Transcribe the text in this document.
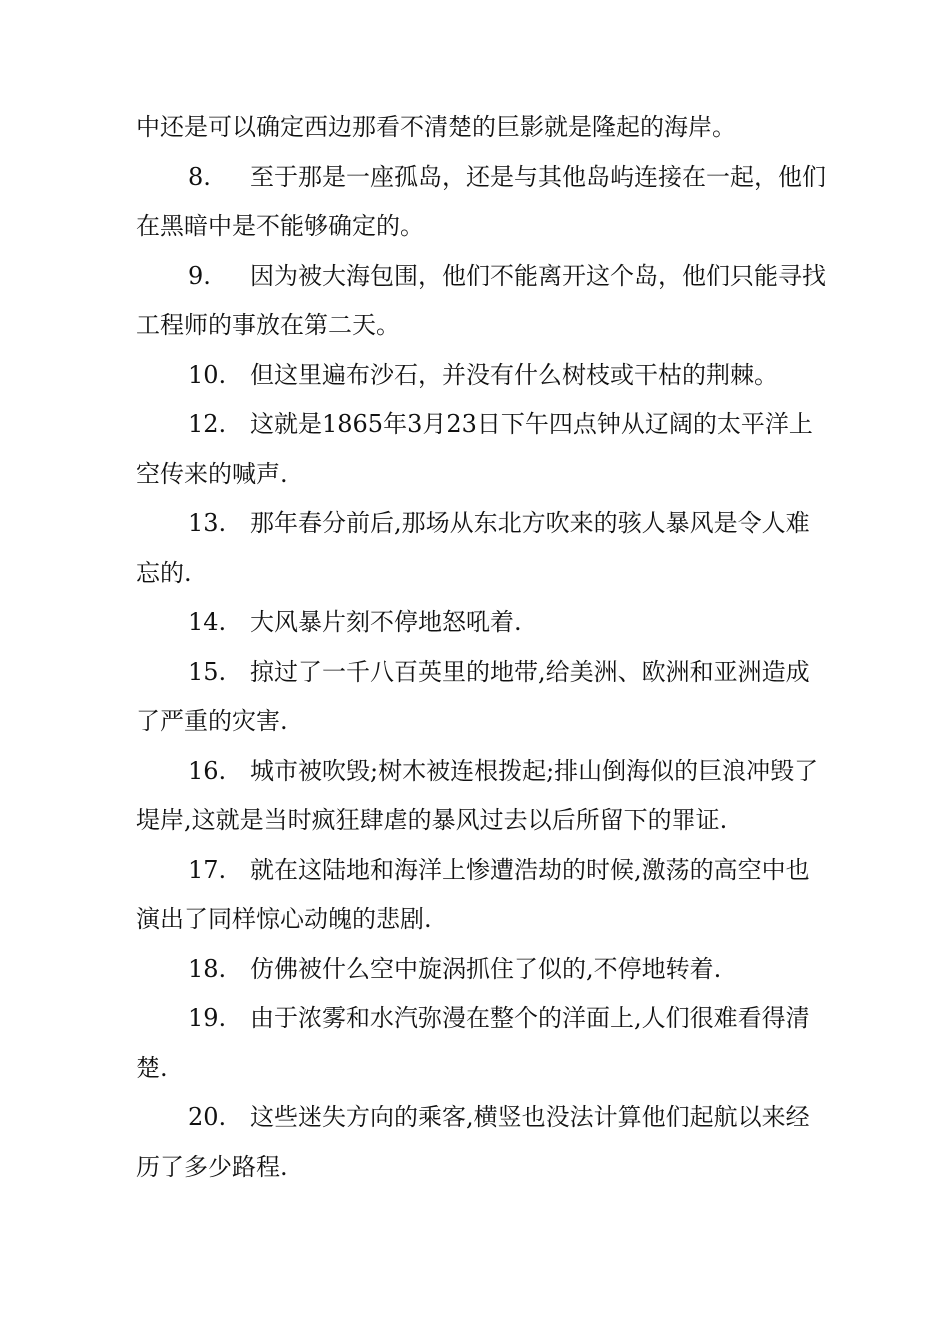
中还是可以确定西边那看不清楚的巨影就是隆起的海岸。

8. 至于那是一座孤岛，还是与其他岛屿连接在一起，他们在黑暗中是不能够确定的。

9. 因为被大海包围，他们不能离开这个岛，他们只能寻找工程师的事放在第二天。

10. 但这里遍布沙石，并没有什么树枝或干枯的荆棘。

12. 这就是1865年3月23日下午四点钟从辽阔的太平洋上空传来的喊声.

13. 那年春分前后,那场从东北方吹来的骇人暴风是令人难忘的.

14. 大风暴片刻不停地怒吼着.

15. 掠过了一千八百英里的地带,给美洲、欧洲和亚洲造成了严重的灾害.

16. 城市被吹毁;树木被连根拨起;排山倒海似的巨浪冲毁了堤岸,这就是当时疯狂肆虐的暴风过去以后所留下的罪证.

17. 就在这陆地和海洋上惨遭浩劫的时候,激荡的高空中也演出了同样惊心动魄的悲剧.

18. 仿佛被什么空中旋涡抓住了似的,不停地转着.

19. 由于浓雾和水汽弥漫在整个的洋面上,人们很难看得清楚.

20. 这些迷失方向的乘客,横竖也没法计算他们起航以来经历了多少路程.
